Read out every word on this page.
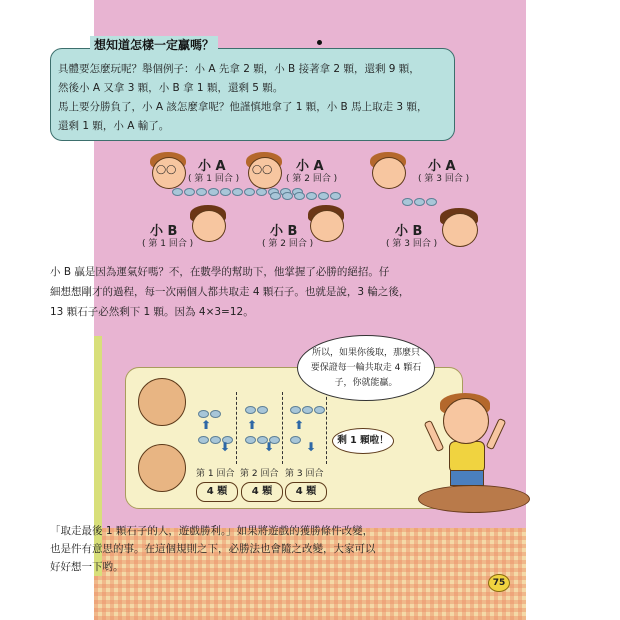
想知道怎樣一定贏嗎？
具體要怎麼玩呢？舉個例子：小 A 先拿 2 顆，小 B 接著拿 2 顆，還剩 9 顆，
然後小 A 又拿 3 顆，小 B 拿 1 顆，還剩 5 顆。
馬上要分勝負了，小 A 該怎麼拿呢？他謹慎地拿了 1 顆，小 B 馬上取走 3 顆，
還剩 1 顆，小 A 輸了。
◯◯ 小 A
( 第 1 回合 )
小 B
( 第 1 回合 )
◯◯ 小 A
( 第 2 回合 )
小 B
( 第 2 回合 )
小 A
( 第 3 回合 )
小 B
( 第 3 回合 )
小 B 贏是因為運氣好嗎？不，在數學的幫助下，他掌握了必勝的絕招。仔
細想想剛才的過程，每一次兩個人都共取走 4 顆石子。也就是說，3 輪之後，
13 顆石子必然剩下 1 顆。因為 4×3=12。
⬆
⬇
⬆
⬇
⬆
⬇
第 1 回合 第 2 回合 第 3 回合
4 顆	4 顆	4 顆
剩 1 顆啦！
所以，如果你後取，那麼只
要保證每一輪共取走 4 顆石
子，你就能贏。
「取走最後 1 顆石子的人，遊戲勝利。」如果將遊戲的獲勝條件改變，
也是件有意思的事。在這個規則之下，必勝法也會隨之改變，大家可以
好好想一下哟。
75
